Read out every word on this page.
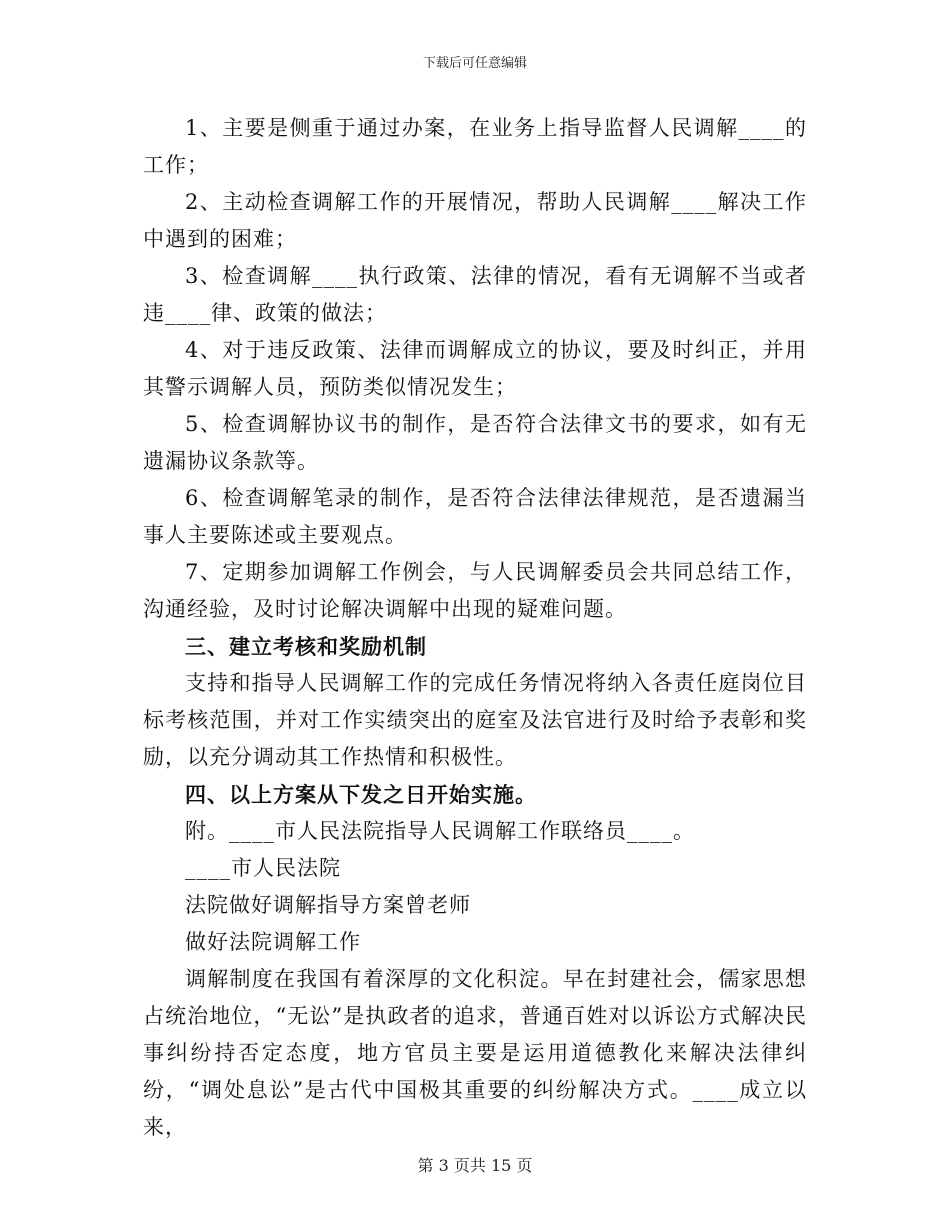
下载后可任意编辑

1、主要是侧重于通过办案，在业务上指导监督人民调解____的工作；

2、主动检查调解工作的开展情况，帮助人民调解____解决工作中遇到的困难；

3、检查调解____执行政策、法律的情况，看有无调解不当或者违____律、政策的做法；

4、对于违反政策、法律而调解成立的协议，要及时纠正，并用其警示调解人员，预防类似情况发生；

5、检查调解协议书的制作，是否符合法律文书的要求，如有无遗漏协议条款等。

6、检查调解笔录的制作，是否符合法律法律规范，是否遗漏当事人主要陈述或主要观点。

7、定期参加调解工作例会，与人民调解委员会共同总结工作，沟通经验，及时讨论解决调解中出现的疑难问题。

三、建立考核和奖励机制

支持和指导人民调解工作的完成任务情况将纳入各责任庭岗位目标考核范围，并对工作实绩突出的庭室及法官进行及时给予表彰和奖励，以充分调动其工作热情和积极性。

四、以上方案从下发之日开始实施。

附。____市人民法院指导人民调解工作联络员____。

____市人民法院

法院做好调解指导方案曾老师

做好法院调解工作

调解制度在我国有着深厚的文化积淀。早在封建社会，儒家思想占统治地位，“无讼”是执政者的追求，普通百姓对以诉讼方式解决民事纠纷持否定态度，地方官员主要是运用道德教化来解决法律纠纷，“调处息讼”是古代中国极其重要的纠纷解决方式。____成立以来，

第 3 页共 15 页
